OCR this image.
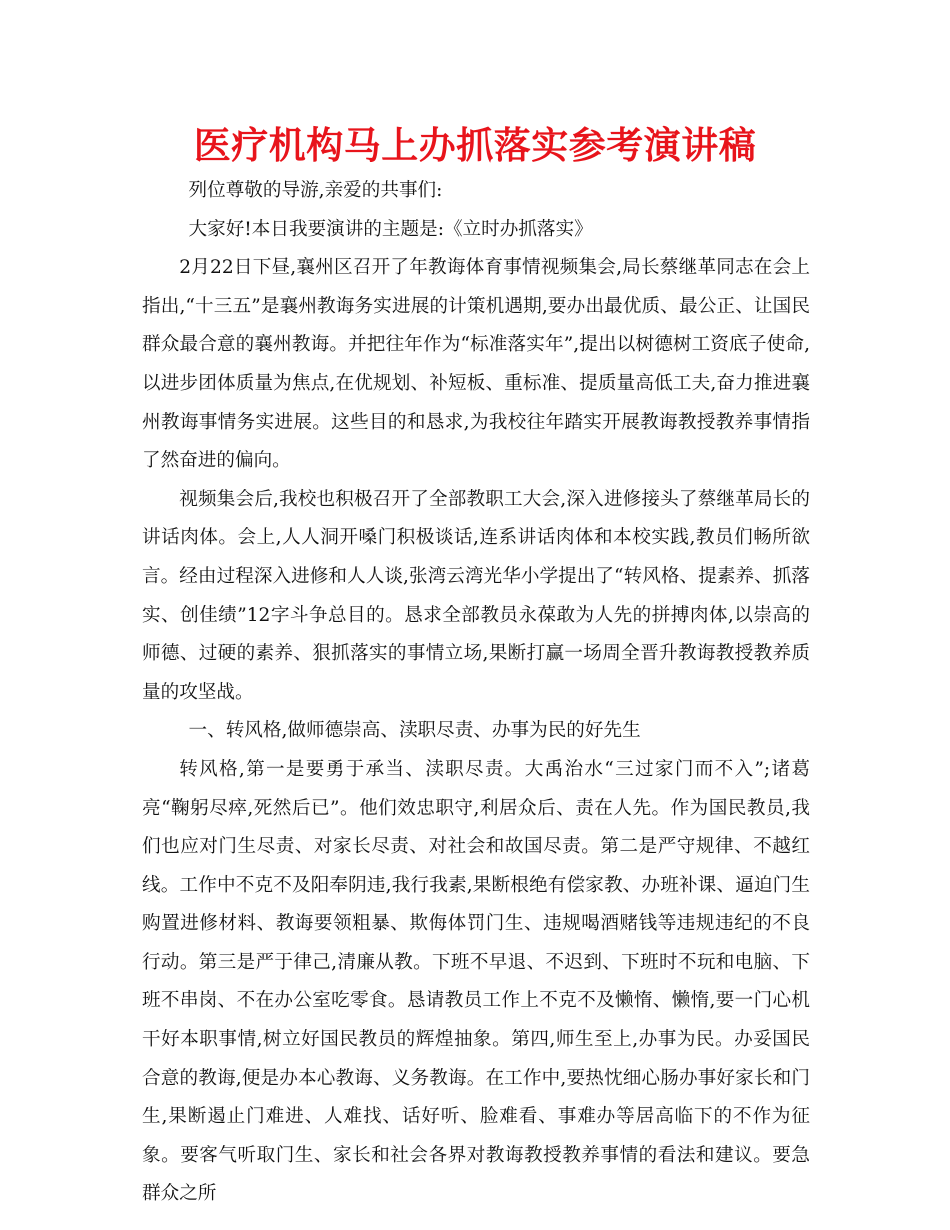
医疗机构马上办抓落实参考演讲稿

列位尊敬的导游,亲爱的共事们:

大家好!本日我要演讲的主题是:《立时办抓落实》

2月22日下昼,襄州区召开了年教诲体育事情视频集会,局长蔡继革同志在会上指出,“十三五”是襄州教诲务实进展的计策机遇期,要办出最优质、最公正、让国民群众最合意的襄州教诲。并把往年作为“标准落实年”,提出以树德树工资底子使命,以进步团体质量为焦点,在优规划、补短板、重标准、提质量高低工夫,奋力推进襄州教诲事情务实进展。这些目的和恳求,为我校往年踏实开展教诲教授教养事情指了然奋进的偏向。

视频集会后,我校也积极召开了全部教职工大会,深入进修接头了蔡继革局长的讲话肉体。会上,人人洞开嗓门积极谈话,连系讲话肉体和本校实践,教员们畅所欲言。经由过程深入进修和人人谈,张湾云湾光华小学提出了“转风格、提素养、抓落实、创佳绩”12字斗争总目的。恳求全部教员永葆敢为人先的拼搏肉体,以崇高的师德、过硬的素养、狠抓落实的事情立场,果断打赢一场周全晋升教诲教授教养质量的攻坚战。

一、转风格,做师德崇高、渎职尽责、办事为民的好先生

转风格,第一是要勇于承当、渎职尽责。大禹治水“三过家门而不入”;诸葛亮“鞠躬尽瘁,死然后已”。他们效忠职守,利居众后、责在人先。作为国民教员,我们也应对门生尽责、对家长尽责、对社会和故国尽责。第二是严守规律、不越红线。工作中不克不及阳奉阴违,我行我素,果断根绝有偿家教、办班补课、逼迫门生购置进修材料、教诲要领粗暴、欺侮体罚门生、违规喝酒赌钱等违规违纪的不良行动。第三是严于律己,清廉从教。下班不早退、不迟到、下班时不玩和电脑、下班不串岗、不在办公室吃零食。恳请教员工作上不克不及懒惰、懒惰,要一门心机干好本职事情,树立好国民教员的辉煌抽象。第四,师生至上,办事为民。办妥国民合意的教诲,便是办本心教诲、义务教诲。在工作中,要热忱细心肠办事好家长和门生,果断遏止门难进、人难找、话好听、脸难看、事难办等居高临下的不作为征象。要客气听取门生、家长和社会各界对教诲教授教养事情的看法和建议。要急群众之所
